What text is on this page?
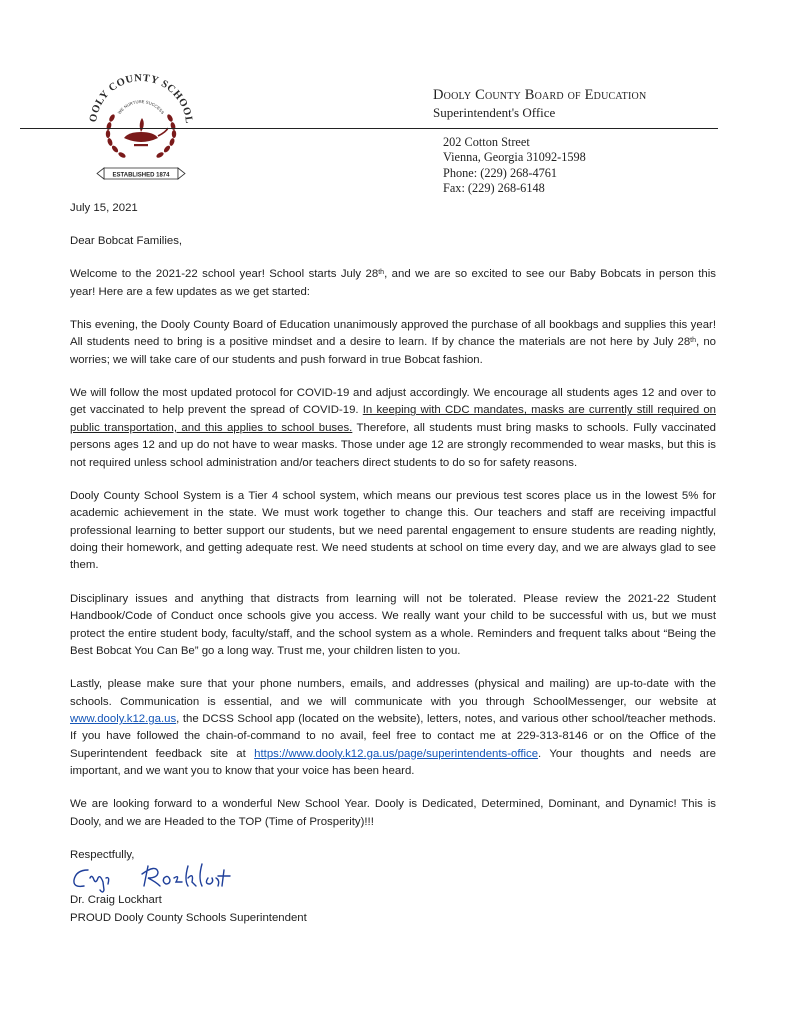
OOLY COUNTY SCHOOL
WE NURTURE SUCCESS
ESTABLISHED 1874
Dooly County Board of Education
Superintendent's Office
202 Cotton Street
Vienna, Georgia 31092-1598
Phone: (229) 268-4761
Fax: (229) 268-6148

July 15, 2021

Dear Bobcat Families,

Welcome to the 2021-22 school year! School starts July 28th, and we are so excited to see our Baby Bobcats in person this year! Here are a few updates as we get started:

This evening, the Dooly County Board of Education unanimously approved the purchase of all bookbags and supplies this year! All students need to bring is a positive mindset and a desire to learn. If by chance the materials are not here by July 28th, no worries; we will take care of our students and push forward in true Bobcat fashion.

We will follow the most updated protocol for COVID-19 and adjust accordingly. We encourage all students ages 12 and over to get vaccinated to help prevent the spread of COVID-19. In keeping with CDC mandates, masks are currently still required on public transportation, and this applies to school buses. Therefore, all students must bring masks to schools. Fully vaccinated persons ages 12 and up do not have to wear masks. Those under age 12 are strongly recommended to wear masks, but this is not required unless school administration and/or teachers direct students to do so for safety reasons.

Dooly County School System is a Tier 4 school system, which means our previous test scores place us in the lowest 5% for academic achievement in the state. We must work together to change this. Our teachers and staff are receiving impactful professional learning to better support our students, but we need parental engagement to ensure students are reading nightly, doing their homework, and getting adequate rest. We need students at school on time every day, and we are always glad to see them.

Disciplinary issues and anything that distracts from learning will not be tolerated. Please review the 2021-22 Student Handbook/Code of Conduct once schools give you access. We really want your child to be successful with us, but we must protect the entire student body, faculty/staff, and the school system as a whole. Reminders and frequent talks about “Being the Best Bobcat You Can Be” go a long way. Trust me, your children listen to you.

Lastly, please make sure that your phone numbers, emails, and addresses (physical and mailing) are up-to-date with the schools. Communication is essential, and we will communicate with you through SchoolMessenger, our website at www.dooly.k12.ga.us, the DCSS School app (located on the website), letters, notes, and various other school/teacher methods. If you have followed the chain-of-command to no avail, feel free to contact me at 229-313-8146 or on the Office of the Superintendent feedback site at https://www.dooly.k12.ga.us/page/superintendents-office. Your thoughts and needs are important, and we want you to know that your voice has been heard.

We are looking forward to a wonderful New School Year. Dooly is Dedicated, Determined, Dominant, and Dynamic! This is Dooly, and we are Headed to the TOP (Time of Prosperity)!!!

Respectfully,
Dr. Craig Lockhart
PROUD Dooly County Schools Superintendent
